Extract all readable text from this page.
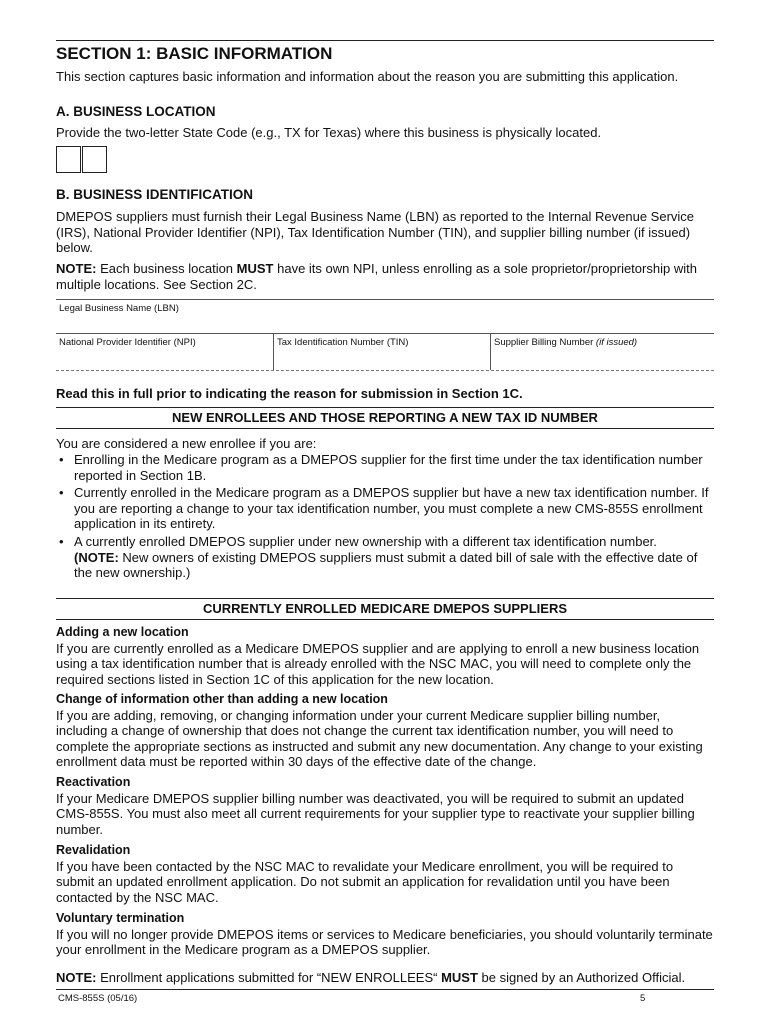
SECTION 1: BASIC INFORMATION
This section captures basic information and information about the reason you are submitting this application.
A. BUSINESS LOCATION
Provide the two-letter State Code (e.g., TX for Texas) where this business is physically located.
B. BUSINESS IDENTIFICATION
DMEPOS suppliers must furnish their Legal Business Name (LBN) as reported to the Internal Revenue Service (IRS), National Provider Identifier (NPI), Tax Identification Number (TIN), and supplier billing number (if issued) below.
NOTE: Each business location MUST have its own NPI, unless enrolling as a sole proprietor/proprietorship with multiple locations. See Section 2C.
Legal Business Name (LBN)
National Provider Identifier (NPI)	Tax Identification Number (TIN)	Supplier Billing Number (if issued)
Read this in full prior to indicating the reason for submission in Section 1C.
NEW ENROLLEES AND THOSE REPORTING A NEW TAX ID NUMBER
You are considered a new enrollee if you are:
• Enrolling in the Medicare program as a DMEPOS supplier for the first time under the tax identification number reported in Section 1B.
• Currently enrolled in the Medicare program as a DMEPOS supplier but have a new tax identification number. If you are reporting a change to your tax identification number, you must complete a new CMS-855S enrollment application in its entirety.
• A currently enrolled DMEPOS supplier under new ownership with a different tax identification number.
(NOTE: New owners of existing DMEPOS suppliers must submit a dated bill of sale with the effective date of the new ownership.)
CURRENTLY ENROLLED MEDICARE DMEPOS SUPPLIERS
Adding a new location
If you are currently enrolled as a Medicare DMEPOS supplier and are applying to enroll a new business location using a tax identification number that is already enrolled with the NSC MAC, you will need to complete only the required sections listed in Section 1C of this application for the new location.
Change of information other than adding a new location
If you are adding, removing, or changing information under your current Medicare supplier billing number, including a change of ownership that does not change the current tax identification number, you will need to complete the appropriate sections as instructed and submit any new documentation. Any change to your existing enrollment data must be reported within 30 days of the effective date of the change.
Reactivation
If your Medicare DMEPOS supplier billing number was deactivated, you will be required to submit an updated CMS-855S. You must also meet all current requirements for your supplier type to reactivate your supplier billing number.
Revalidation
If you have been contacted by the NSC MAC to revalidate your Medicare enrollment, you will be required to submit an updated enrollment application. Do not submit an application for revalidation until you have been contacted by the NSC MAC.
Voluntary termination
If you will no longer provide DMEPOS items or services to Medicare beneficiaries, you should voluntarily terminate your enrollment in the Medicare program as a DMEPOS supplier.
NOTE: Enrollment applications submitted for “NEW ENROLLEES“ MUST be signed by an Authorized Official.
CMS-855S (05/16)	5
